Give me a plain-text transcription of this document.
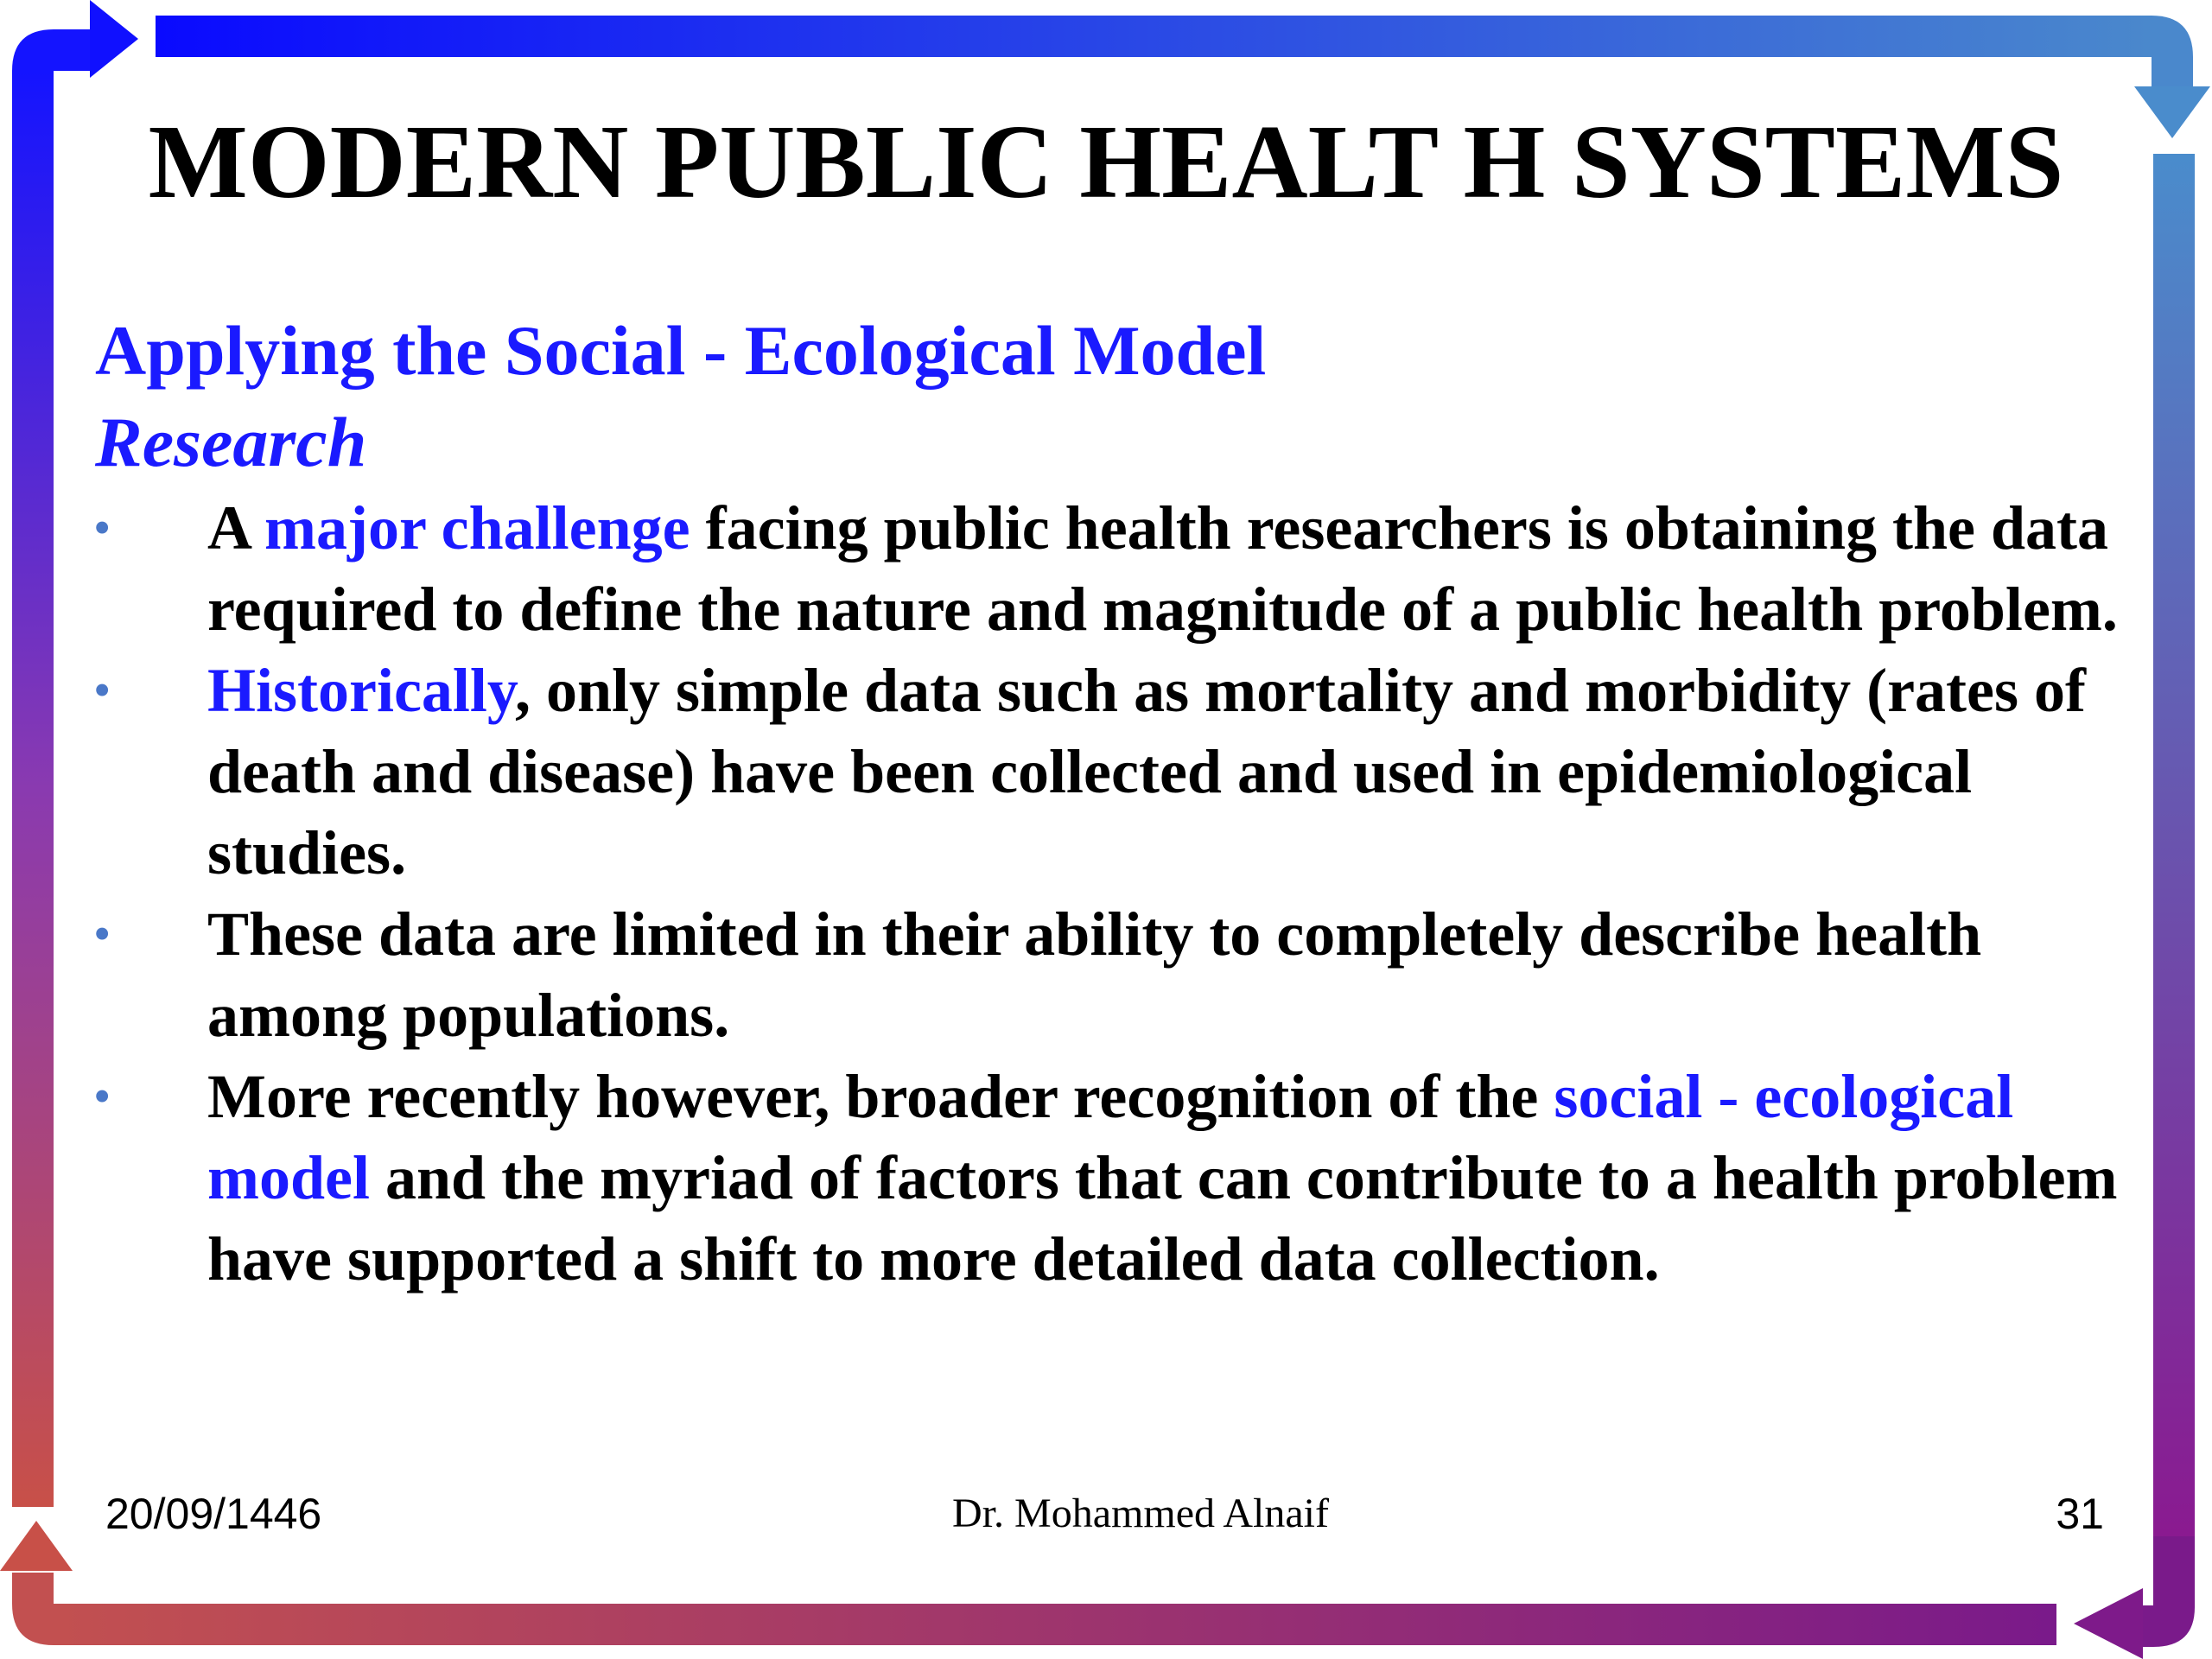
MODERN PUBLIC HEALT H SYSTEMS
Applying the Social - Ecological Model
Research
• A major challenge facing public health researchers is obtaining the data required to define the nature and magnitude of a public health problem.
• Historically, only simple data such as mortality and morbidity (rates of death and disease) have been collected and used in epidemiological studies.
• These data are limited in their ability to completely describe health among populations.
• More recently however, broader recognition of the social - ecological model and the myriad of factors that can contribute to a health problem have supported a shift to more detailed data collection.
20/09/1446	Dr. Mohammed Alnaif	31
